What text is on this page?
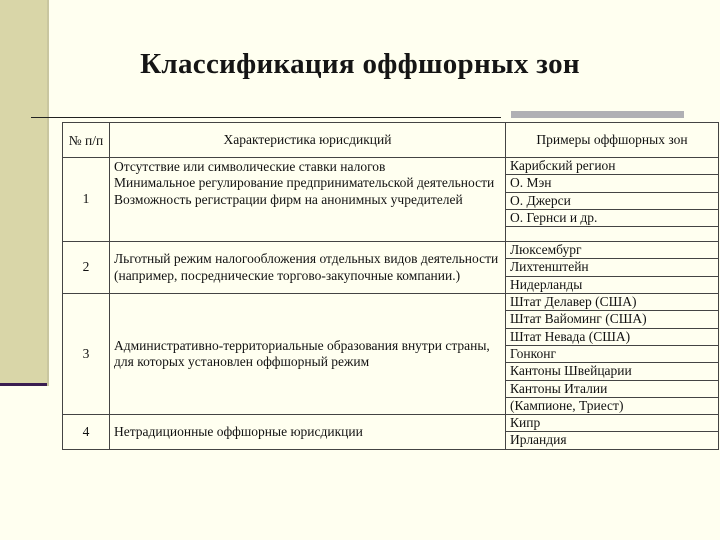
Классификация оффшорных зон
№ п/п	Характеристика юрисдикций	Примеры оффшорных зон
1	Отсутствие или символические ставки налогов
Минимальное регулирование предпринимательской деятельности
Возможность регистрации фирм на анонимных учредителей	Карибский регион
		О. Мэн
		О. Джерси
		О. Гернси и др.

2	Льготный режим налогообложения отдельных видов деятельности (например, посреднические торгово-закупочные компании.)	Люксембург
		Лихтенштейн
		Нидерланды
3	Административно-территориальные образования внутри страны, для которых установлен оффшорный режим	Штат Делавер (США)
		Штат Вайоминг (США)
		Штат Невада (США)
		Гонконг
		Кантоны Швейцарии
		Кантоны Италии
		(Кампионе, Триест)
4	Нетрадиционные оффшорные юрисдикции	Кипр
		Ирландия
